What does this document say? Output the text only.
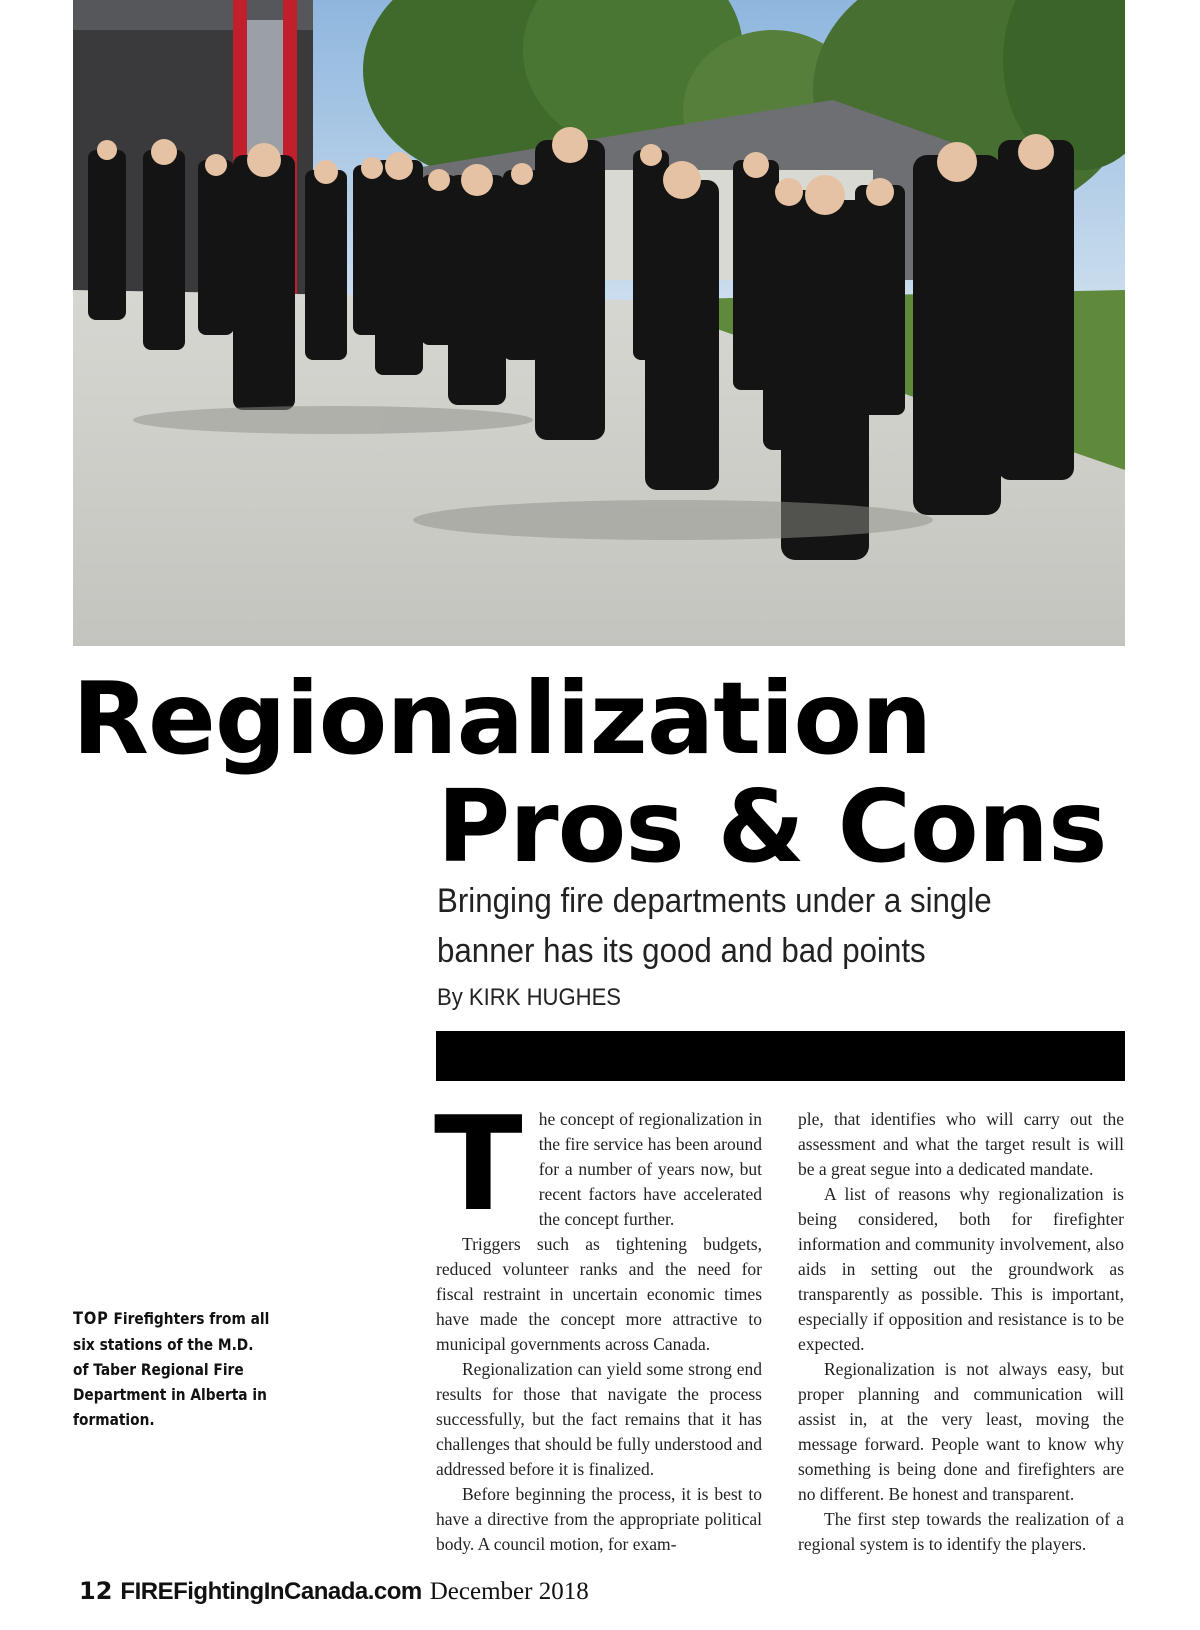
Regionalization
Pros & Cons

Bringing fire departments under a single banner has its good and bad points

By KIRK HUGHES
TOP Firefighters from all six stations of the M.D. of Taber Regional Fire Department in Alberta in formation.
T he concept of regionalization in the fire service has been around for a number of years now, but recent factors have accelerated the concept further.

Triggers such as tightening budgets, reduced volunteer ranks and the need for fiscal restraint in uncertain economic times have made the concept more attractive to municipal governments across Canada.

Regionalization can yield some strong end results for those that navigate the process successfully, but the fact remains that it has challenges that should be fully understood and addressed before it is finalized.

Before beginning the process, it is best to have a directive from the appropriate political body. A council motion, for exam-

ple, that identifies who will carry out the assessment and what the target result is will be a great segue into a dedicated mandate.

A list of reasons why regionalization is being considered, both for firefighter information and community involvement, also aids in setting out the groundwork as transparently as possible. This is important, especially if opposition and resistance is to be expected.

Regionalization is not always easy, but proper planning and communication will assist in, at the very least, moving the message forward. People want to know why something is being done and firefighters are no different. Be honest and transparent.

The first step towards the realization of a regional system is to identify the players.

12 FIREFightingInCanada.com December 2018
